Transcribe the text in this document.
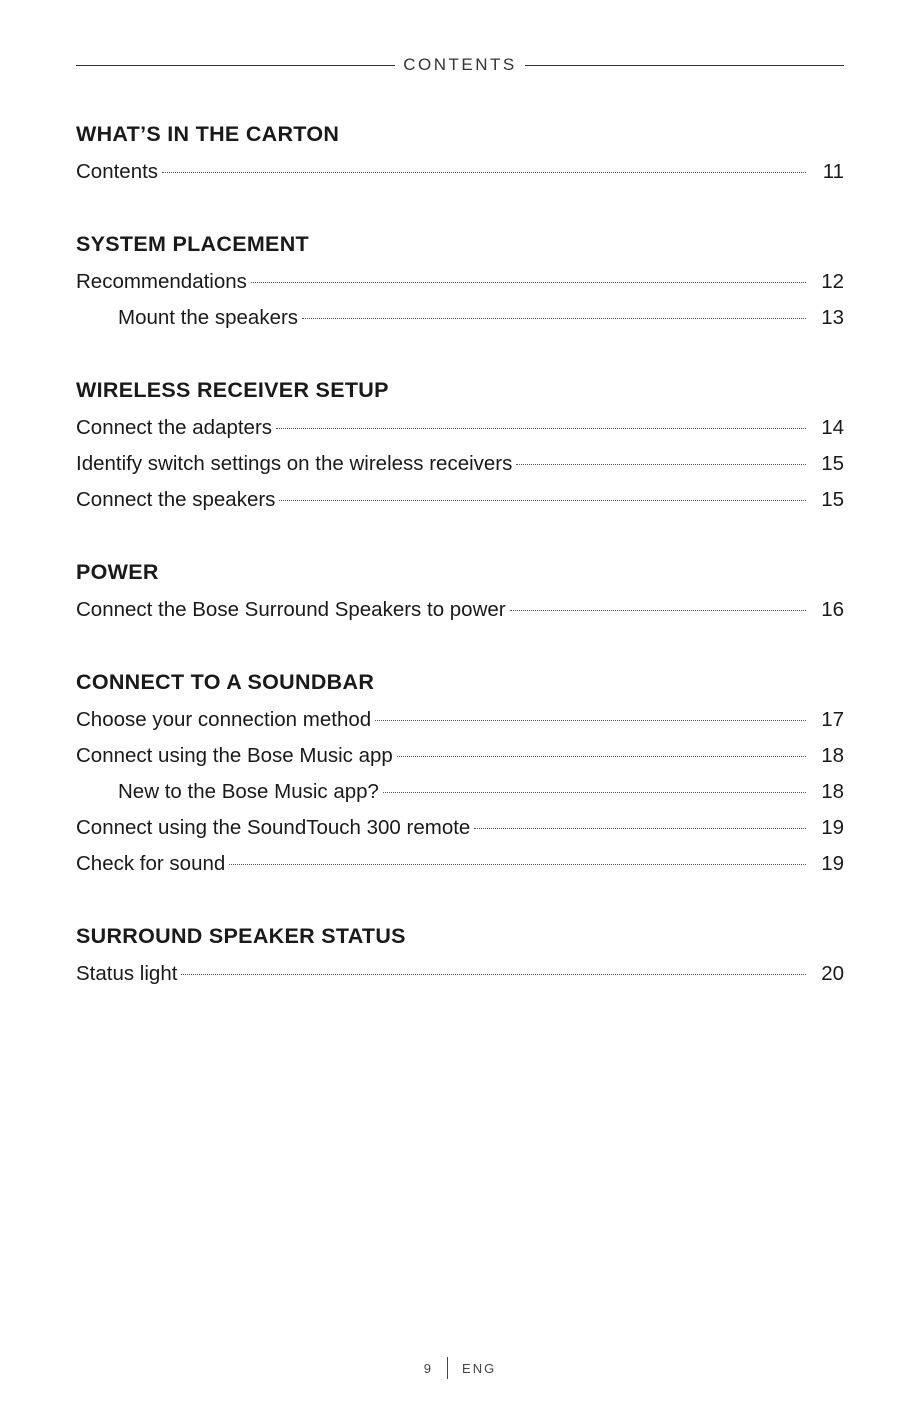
CONTENTS
WHAT’S IN THE CARTON
Contents	11
SYSTEM PLACEMENT
Recommendations	12
Mount the speakers	13
WIRELESS RECEIVER SETUP
Connect the adapters	14
Identify switch settings on the wireless receivers	15
Connect the speakers	15
POWER
Connect the Bose Surround Speakers to power	16
CONNECT TO A SOUNDBAR
Choose your connection method	17
Connect using the Bose Music app	18
New to the Bose Music app?	18
Connect using the SoundTouch 300 remote	19
Check for sound	19
SURROUND SPEAKER STATUS
Status light	20
9 ENG
